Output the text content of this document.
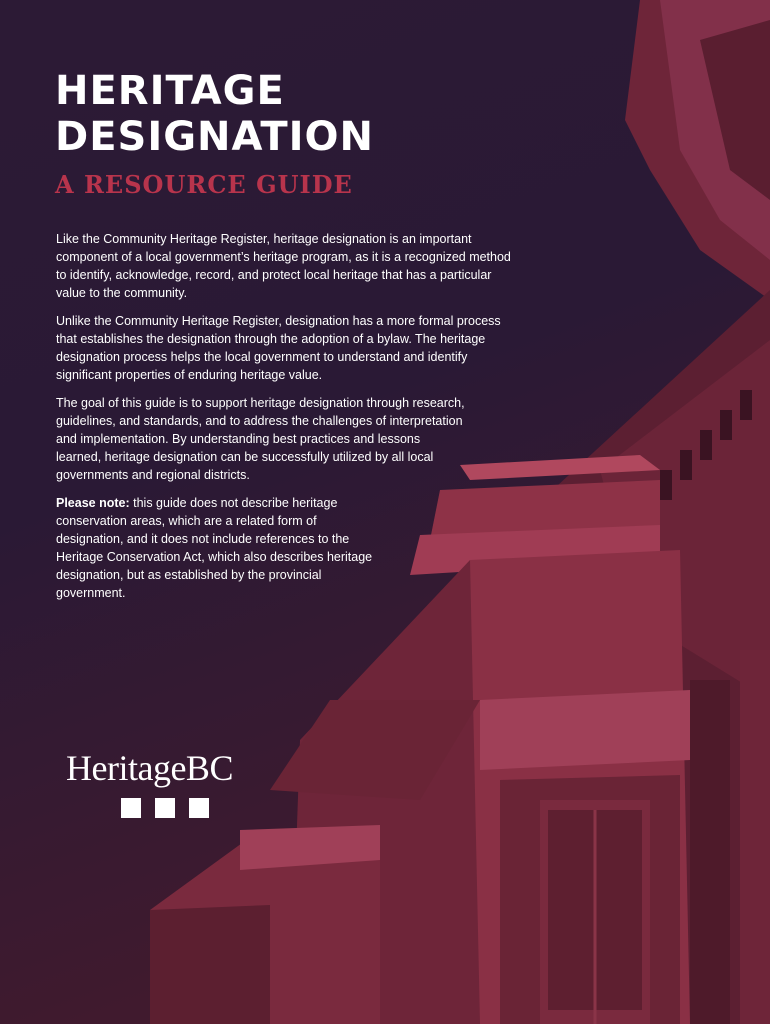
HERITAGE
DESIGNATION
A RESOURCE GUIDE

Like the Community Heritage Register, heritage designation is an important component of a local government’s heritage program, as it is a recognized method to identify, acknowledge, record, and protect local heritage that has a particular value to the community.

Unlike the Community Heritage Register, designation has a more formal process that establishes the designation through the adoption of a bylaw. The heritage designation process helps the local government to understand and identify significant properties of enduring heritage value.

The goal of this guide is to support heritage designation through research, guidelines, and standards, and to address the challenges of interpretation and implementation. By understanding best practices and lessons learned, heritage designation can be successfully utilized by all local governments and regional districts.

Please note: this guide does not describe heritage conservation areas, which are a related form of designation, and it does not include references to the Heritage Conservation Act, which also describes heritage designation, but as established by the provincial government.

HeritageBC
